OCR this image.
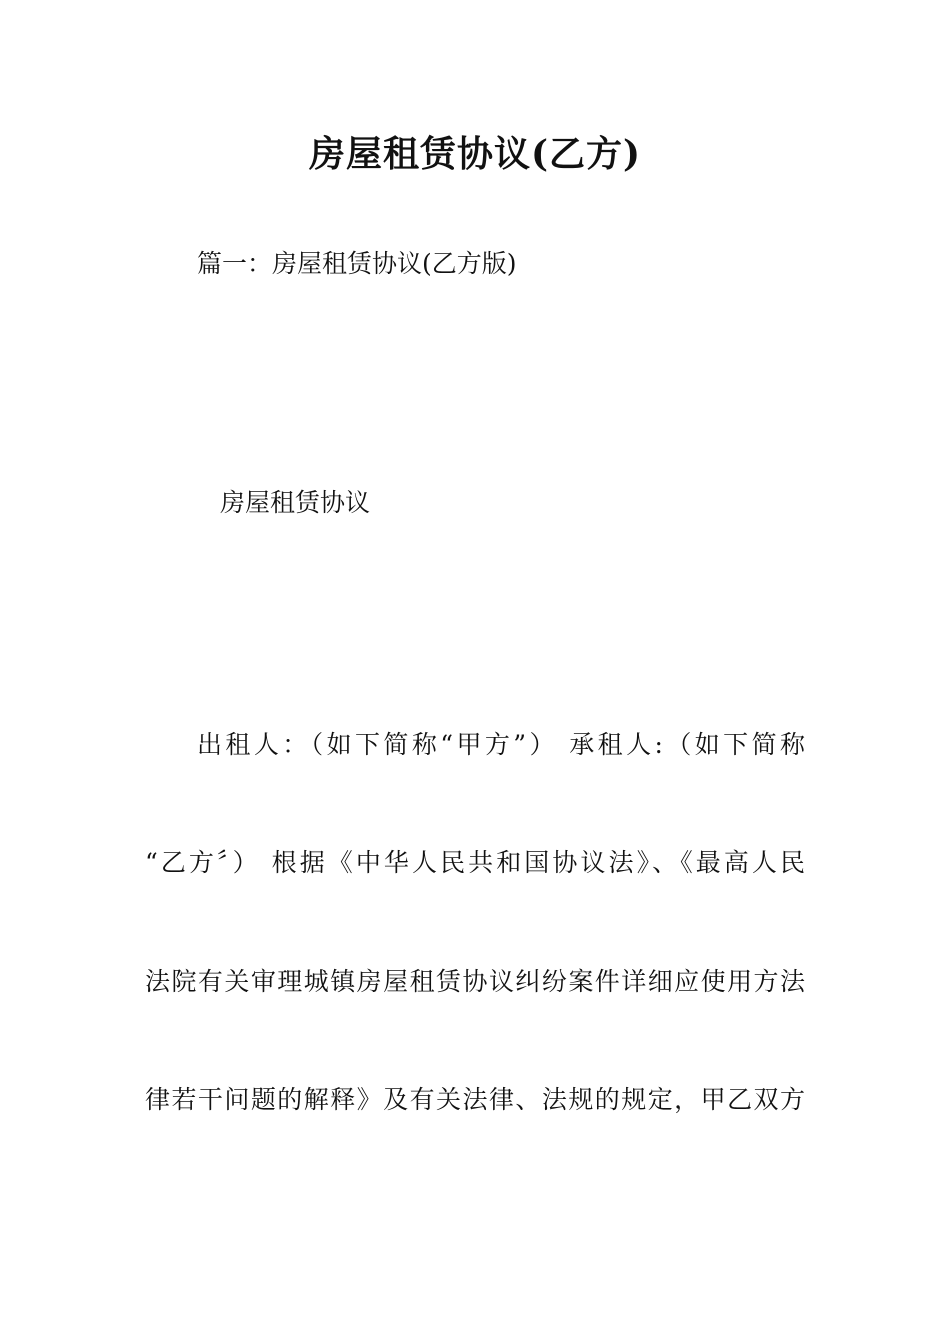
房屋租赁协议(乙方)
篇一：房屋租赁协议(乙方版)
房屋租赁协议
出租人：（如下简称“甲方”） 承租人:（如下简称
“乙方〞） 根据《中华人民共和国协议法》、《最高人民
法院有关审理城镇房屋租赁协议纠纷案件详细应使用方法
律若干问题的解释》及有关法律、法规的规定，甲乙双方
